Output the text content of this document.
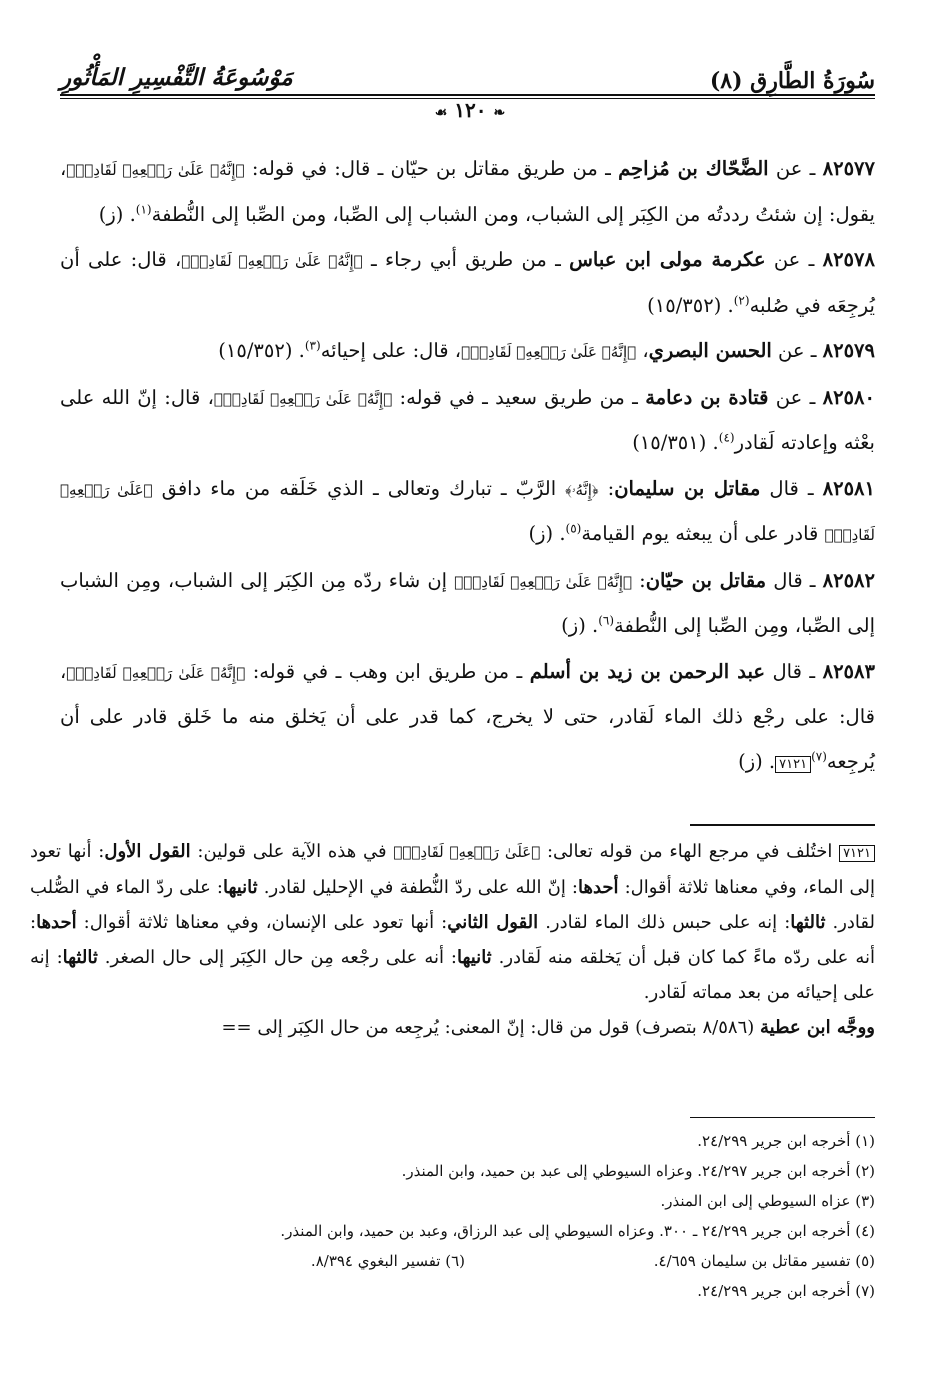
سُورَةُ الطَّارِق (٨)
مَوْسُوعَةُ التَّفْسِيرِ المَأْثُورِ
❧ ١٢٠ ☙

٨٢٥٧٧ ـ عن الضَّحّاك بن مُزاحِم ـ من طريق مقاتل بن حيّان ـ قال: في قوله: ﴿إِنَّهُۥ عَلَىٰ رَجۡعِهِۦ لَقَادِرٞ﴾، يقول: إن شئتُ رددتُه من الكِبَر إلى الشباب، ومن الشباب إلى الصِّبا، ومن الصِّبا إلى النُّطفة$^{(١)}$. (ز)

٨٢٥٧٨ ـ عن عكرمة مولى ابن عباس ـ من طريق أبي رجاء ـ ﴿إِنَّهُۥ عَلَىٰ رَجۡعِهِۦ لَقَادِرٞ﴾، قال: على أن يُرجِعَه في صُلبه$^{(٢)}$. (١٥/٣٥٢)

٨٢٥٧٩ ـ عن الحسن البصري، ﴿إِنَّهُۥ عَلَىٰ رَجۡعِهِۦ لَقَادِرٞ﴾، قال: على إحيائه$^{(٣)}$. (١٥/٣٥٢)

٨٢٥٨٠ ـ عن قتادة بن دعامة ـ من طريق سعيد ـ في قوله: ﴿إِنَّهُۥ عَلَىٰ رَجۡعِهِۦ لَقَادِرٞ﴾، قال: إنّ الله على بعْثه وإعادته لَقادر$^{(٤)}$. (١٥/٣٥١)

٨٢٥٨١ ـ قال مقاتل بن سليمان: ﴿إِنَّهُۥ﴾ الرَّبّ ـ تبارك وتعالى ـ الذي خَلَقه من ماء دافق ﴿عَلَىٰ رَجۡعِهِۦ لَقَادِرٞ﴾ قادر على أن يبعثه يوم القيامة$^{(٥)}$. (ز)

٨٢٥٨٢ ـ قال مقاتل بن حيّان: ﴿إِنَّهُۥ عَلَىٰ رَجۡعِهِۦ لَقَادِرٞ﴾ إن شاء ردّه مِن الكِبَر إلى الشباب، ومِن الشباب إلى الصِّبا، ومِن الصِّبا إلى النُّطفة$^{(٦)}$. (ز)

٨٢٥٨٣ ـ قال عبد الرحمن بن زيد بن أسلم ـ من طريق ابن وهب ـ في قوله: ﴿إِنَّهُۥ عَلَىٰ رَجۡعِهِۦ لَقَادِرٞ﴾، قال: على رجْع ذلك الماء لَقادر، حتى لا يخرج، كما قدر على أن يَخلق منه ما خَلق قادر على أن يُرجِعه$^{(٧)}$٧١٢١. (ز)

٧١٢١ اختُلف في مرجع الهاء من قوله تعالى: ﴿عَلَىٰ رَجۡعِهِۦ لَقَادِرٞ﴾ في هذه الآية على قولين: القول الأول: أنها تعود إلى الماء، وفي معناها ثلاثة أقوال: أحدها: إنّ الله على ردّ النُّطفة في الإحليل لقادر. ثانيها: على ردّ الماء في الصُّلب لقادر. ثالثها: إنه على حبس ذلك الماء لقادر. القول الثاني: أنها تعود على الإنسان، وفي معناها ثلاثة أقوال: أحدها: أنه على ردّه ماءً كما كان قبل أن يَخلقه منه لَقادر. ثانيها: أنه على رجْعه مِن حال الكِبَر إلى حال الصغر. ثالثها: إنه على إحيائه من بعد مماته لَقادر.
ووجَّه ابن عطية (٨/٥٨٦ بتصرف) قول من قال: إنّ المعنى: يُرجِعه من حال الكِبَر إلى ==
(١) أخرجه ابن جرير ٢٤/٢٩٩.
(٢) أخرجه ابن جرير ٢٤/٢٩٧. وعزاه السيوطي إلى عبد بن حميد، وابن المنذر.
(٣) عزاه السيوطي إلى ابن المنذر.
(٤) أخرجه ابن جرير ٢٤/٢٩٩ ـ ٣٠٠. وعزاه السيوطي إلى عبد الرزاق، وعبد بن حميد، وابن المنذر.
(٥) تفسير مقاتل بن سليمان ٤/٦٥٩.
(٦) تفسير البغوي ٨/٣٩٤.
(٧) أخرجه ابن جرير ٢٤/٢٩٩.
